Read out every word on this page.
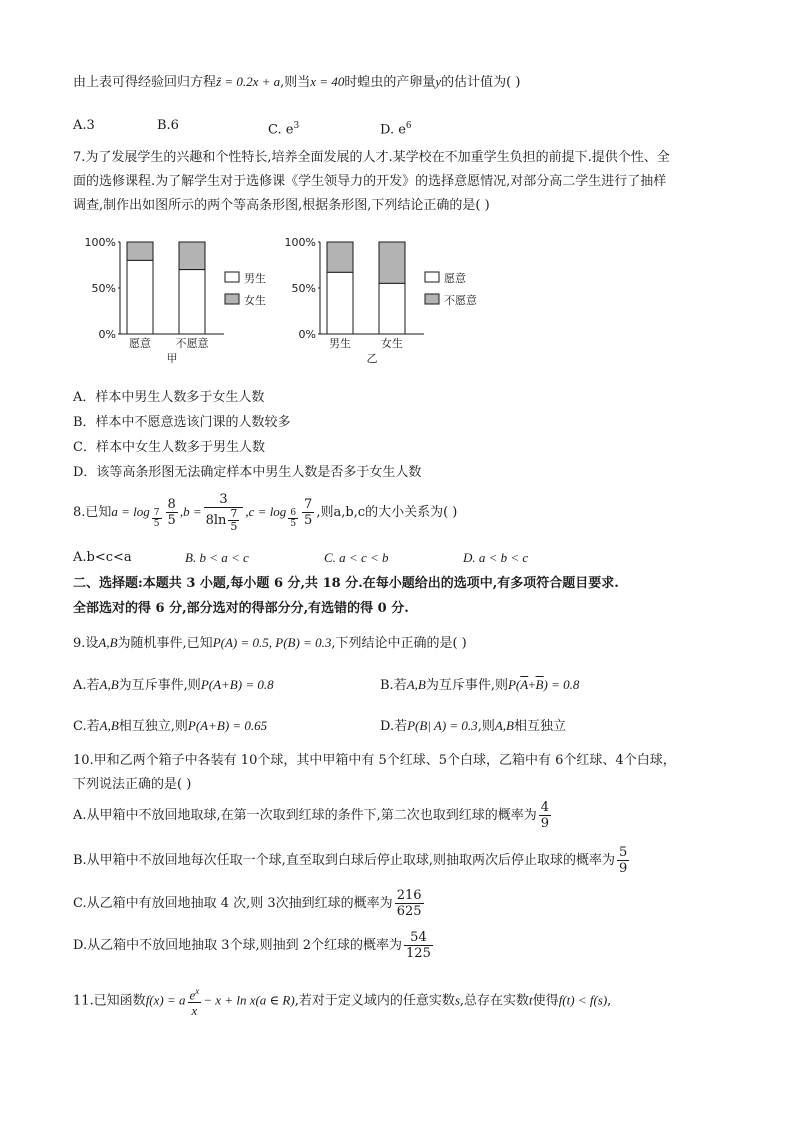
由上表可得经验回归方程ẑ = 0.2x + a,则当x = 40时蝗虫的产卵量y的估计值为( )
A.3	B.6	C. $e^3$	D. $e^6$
7.为了发展学生的兴趣和个性特长,培养全面发展的人才.某学校在不加重学生负担的前提下.提供个性、全
面的选修课程.为了解学生对于选修课《学生领导力的开发》的选择意愿情况,对部分高二学生进行了抽样
调查,制作出如图所示的两个等高条形图,根据条形图,下列结论正确的是( )
100%
50%
0%
愿意 不愿意
甲
男生
女生
100%
50%
0%
男生	女生
乙
愿意
不愿意
A．样本中男生人数多于女生人数
B．样本中不愿意选该门课的人数较多
C．样本中女生人数多于男生人数
D．该等高条形图无法确定样本中男生人数是否多于女生人数
8.已知$a = \log \frac{7}{5} \frac{8}{5} ,b = \frac{3}{8\ln \frac{7}{5}} ,c = \log \frac{6}{5} \frac{7}{5}$ ,则a,b,c的大小关系为( )
A.b<c<a	B. b < a < c	C. a < c < b	D. a < b < c
二、选择题:本题共 3 小题,每小题 6 分,共 18 分.在每小题给出的选项中,有多项符合题目要求.
全部选对的得 6 分,部分选对的得部分分,有选错的得 0 分.
9.设A,B为随机事件,已知P(A) = 0.5, P(B) = 0.3,下列结论中正确的是( )
A.若A,B为互斥事件,则P(A+B) = 0.8	B.若A,B为互斥事件,则$P(\overline{A}+\overline{B}) = 0.8$
C.若A,B相互独立,则P(A+B) = 0.65	D.若P(B| A) = 0.3,则A,B相互独立
10.甲和乙两个箱子中各装有 10个球，其中甲箱中有 5个红球、5个白球，乙箱中有 6个红球、4个白球，
下列说法正确的是( )
A.从甲箱中不放回地取球,在第一次取到红球的条件下,第二次也取到红球的概率为 $\frac{4}{9}$
B.从甲箱中不放回地每次任取一个球,直至取到白球后停止取球,则抽取两次后停止取球的概率为 $\frac{5}{9}$
C.从乙箱中有放回地抽取 4 次,则 3次抽到红球的概率为 $\frac{216}{625}$
D.从乙箱中不放回地抽取 3个球,则抽到 2个红球的概率为 $\frac{54}{125}$
11.已知函数f(x) = a $\frac{e^x}{x} - x + \ln x(a$ ∈ R),若对于定义域内的任意实数s,总存在实数t使得f(t) < f(s),
